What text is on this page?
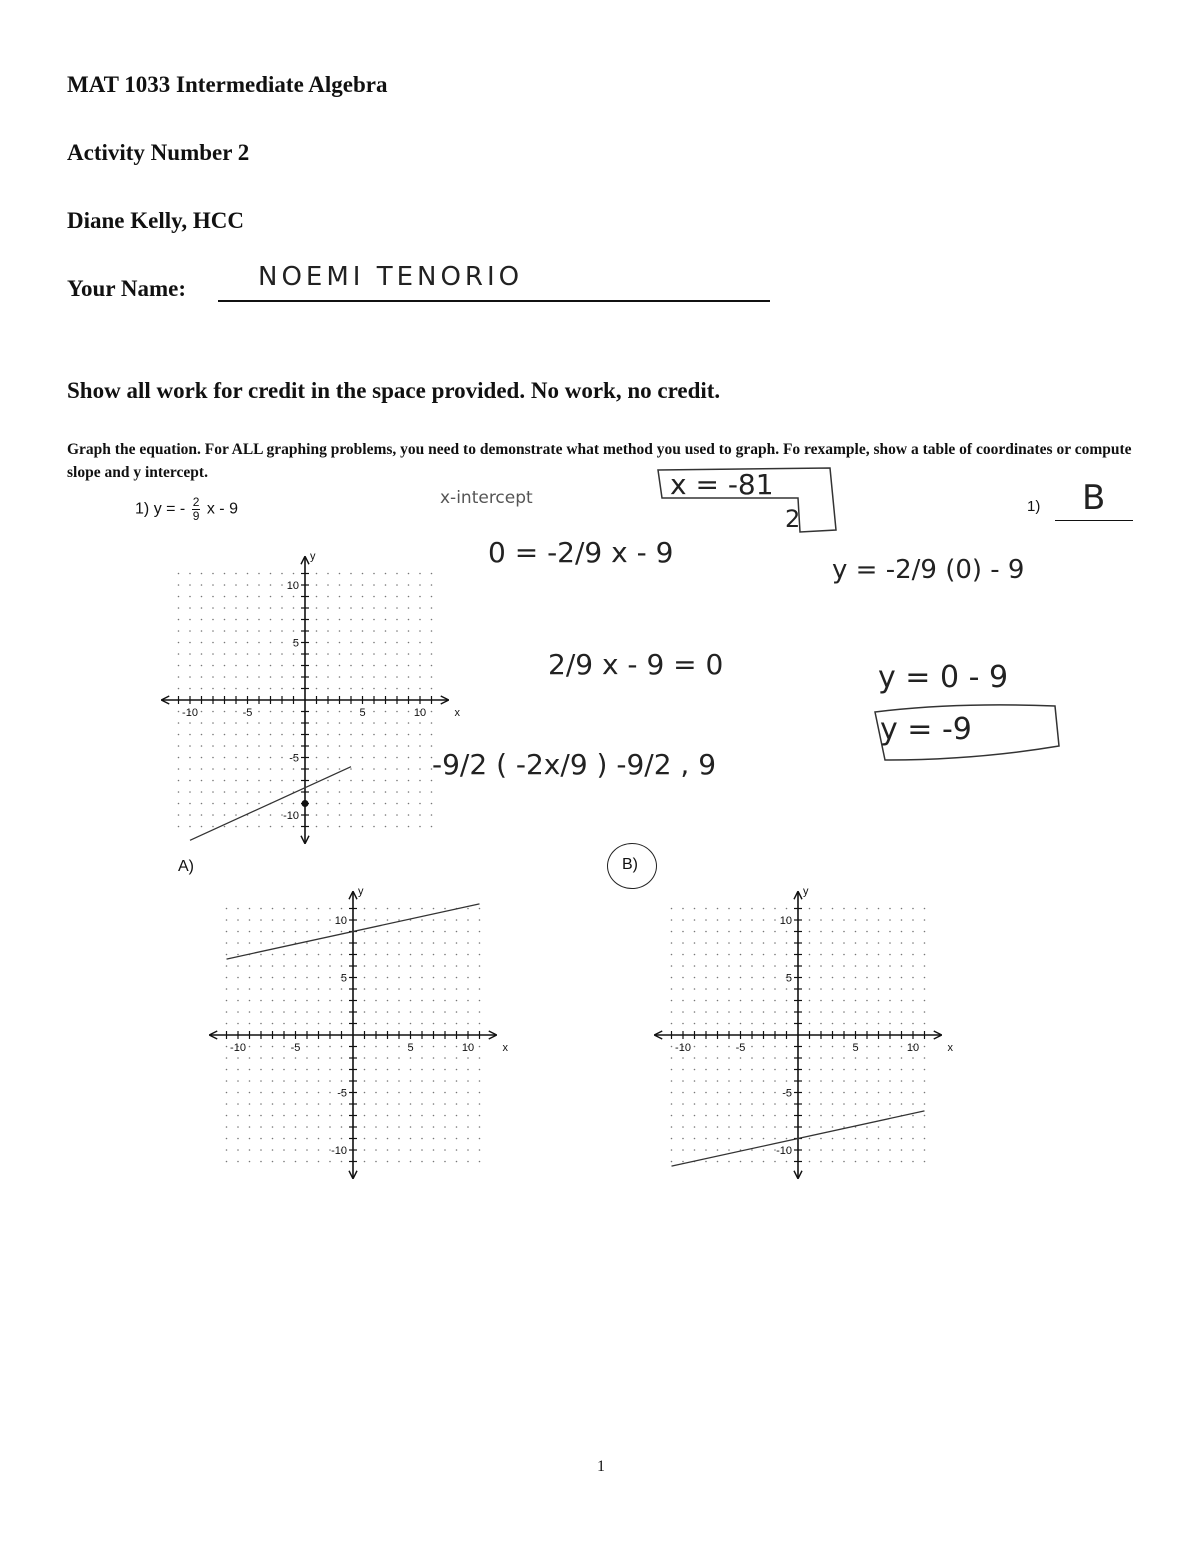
MAT 1033 Intermediate Algebra
Activity Number 2
Diane Kelly, HCC
Your Name:	NOEMI TENORIO
Show all work for credit in the space provided. No work, no credit.
Graph the equation. For ALL graphing problems, you need to demonstrate what method you used to graph. Fo rexample, show a table of coordinates or compute slope and y intercept.
1) y = - $\frac{2}{9}$ x - 9	1) B
x-intercept	x = -81
2
0 = -2/9 x - 9
2/9 x - 9 = 0
-9/2 ( -2x/9 ) -9/2 , 9
y = -2/9 (0) - 9
y = 0 - 9
y = -9
-10	-5	5	10
10
5
-5
-10
x
y
A)	B)
-10	-5	5	10
10
5
-5
-10
x
y
-10	-5	5	10
10
5
-5
-10
x
y
1
